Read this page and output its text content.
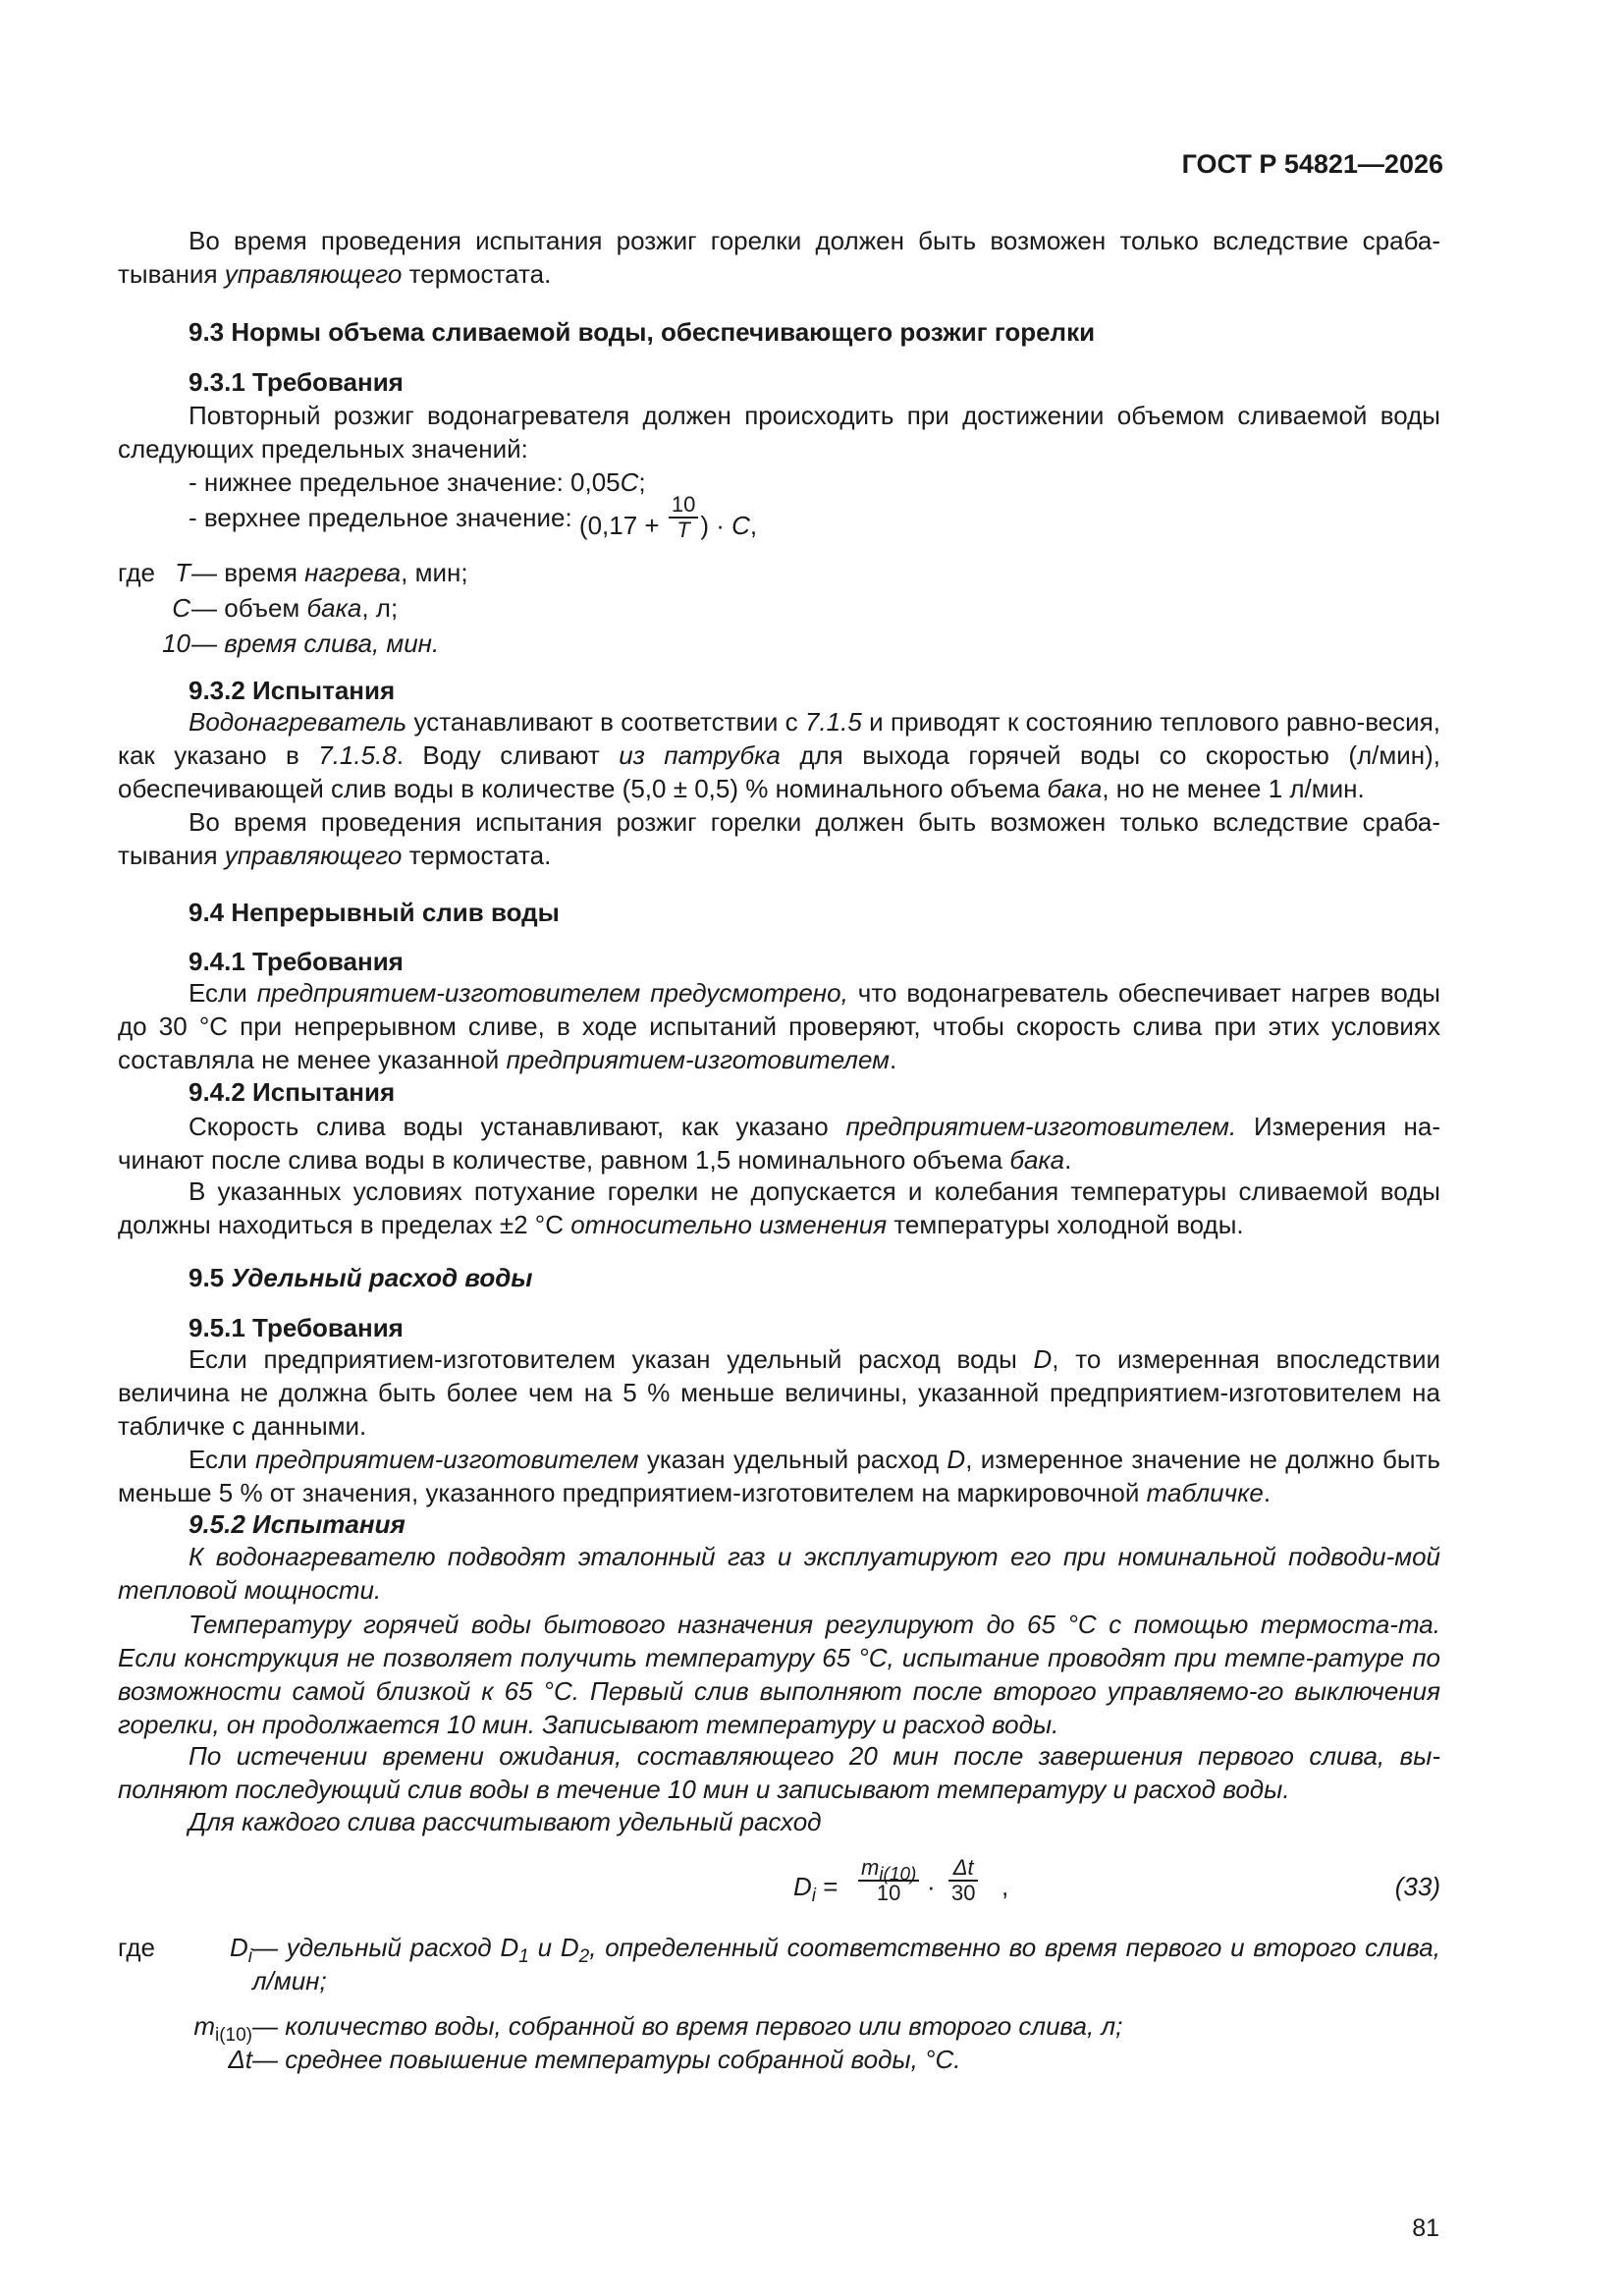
ГОСТ Р 54821—2026

Во время проведения испытания розжиг горелки должен быть возможен только вследствие сраба-тывания управляющего термостата.

9.3 Нормы объема сливаемой воды, обеспечивающего розжиг горелки

9.3.1 Требования

Повторный розжиг водонагревателя должен происходить при достижении объемом сливаемой воды следующих предельных значений:

- нижнее предельное значение: 0,05C;

- верхнее предельное значение: ($0,17 + \frac{10}{T}$ ) · C,

где T — время нагрева, мин;
C — объем бака, л;
10 — время слива, мин.

9.3.2 Испытания

Водонагреватель устанавливают в соответствии с 7.1.5 и приводят к состоянию теплового равно-весия, как указано в 7.1.5.8. Воду сливают из патрубка для выхода горячей воды со скоростью (л/мин), обеспечивающей слив воды в количестве (5,0 ± 0,5) % номинального объема бака, но не менее 1 л/мин.

Во время проведения испытания розжиг горелки должен быть возможен только вследствие сраба-тывания управляющего термостата.

9.4 Непрерывный слив воды

9.4.1 Требования

Если предприятием-изготовителем предусмотрено, что водонагреватель обеспечивает нагрев воды до 30 °С при непрерывном сливе, в ходе испытаний проверяют, чтобы скорость слива при этих условиях составляла не менее указанной предприятием-изготовителем.

9.4.2 Испытания

Скорость слива воды устанавливают, как указано предприятием-изготовителем. Измерения на-чинают после слива воды в количестве, равном 1,5 номинального объема бака.

В указанных условиях потухание горелки не допускается и колебания температуры сливаемой воды должны находиться в пределах ±2 °С относительно изменения температуры холодной воды.

9.5 Удельный расход воды

9.5.1 Требования

Если предприятием-изготовителем указан удельный расход воды D, то измеренная впоследствии величина не должна быть более чем на 5 % меньше величины, указанной предприятием-изготовителем на табличке с данными.

Если предприятием-изготовителем указан удельный расход D, измеренное значение не должно быть меньше 5 % от значения, указанного предприятием-изготовителем на маркировочной табличке.

9.5.2 Испытания

К водонагревателю подводят эталонный газ и эксплуатируют его при номинальной подводи-мой тепловой мощности.

Температуру горячей воды бытового назначения регулируют до 65 °С с помощью термоста-та. Если конструкция не позволяет получить температуру 65 °С, испытание проводят при темпе-ратуре по возможности самой близкой к 65 °С. Первый слив выполняют после второго управляемо-го выключения горелки, он продолжается 10 мин. Записывают температуру и расход воды.

По истечении времени ожидания, составляющего 20 мин после завершения первого слива, вы-полняют последующий слив воды в течение 10 мин и записывают температуру и расход воды.

Для каждого слива рассчитывают удельный расход

$D_i = \frac{m_{i(10)}}{10} \cdot \frac{\Delta t}{30}$ ,	(33)
где	$D_i$ — удельный расход $D_1$ и $D_2$, определенный соответственно во время первого и второго слива, л/мин;
$m_{i(10)}$ — количество воды, собранной во время первого или второго слива, л;
Δt — среднее повышение температуры собранной воды, °С.
81
